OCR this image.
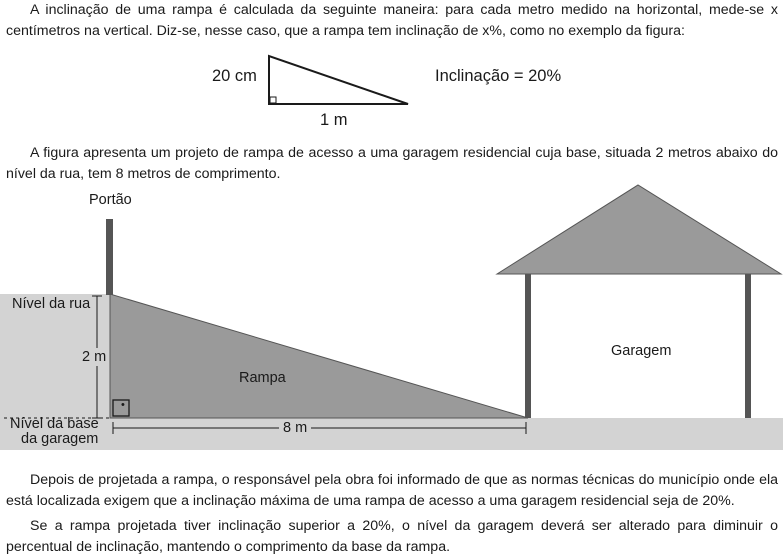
A inclinação de uma rampa é calculada da seguinte maneira: para cada metro medido na horizontal, mede-se x centímetros na vertical. Diz-se, nesse caso, que a rampa tem inclinação de x%, como no exemplo da figura:

20 cm
1 m
Inclinação = 20%

A figura apresenta um projeto de rampa de acesso a uma garagem residencial cuja base, situada 2 metros abaixo do nível da rua, tem 8 metros de comprimento.

Portão
Nível da rua
2 m
Rampa
•
Garagem
Nível da base
da garagem
8 m

Depois de projetada a rampa, o responsável pela obra foi informado de que as normas técnicas do município onde ela está localizada exigem que a inclinação máxima de uma rampa de acesso a uma garagem residencial seja de 20%.

Se a rampa projetada tiver inclinação superior a 20%, o nível da garagem deverá ser alterado para diminuir o percentual de inclinação, mantendo o comprimento da base da rampa.
